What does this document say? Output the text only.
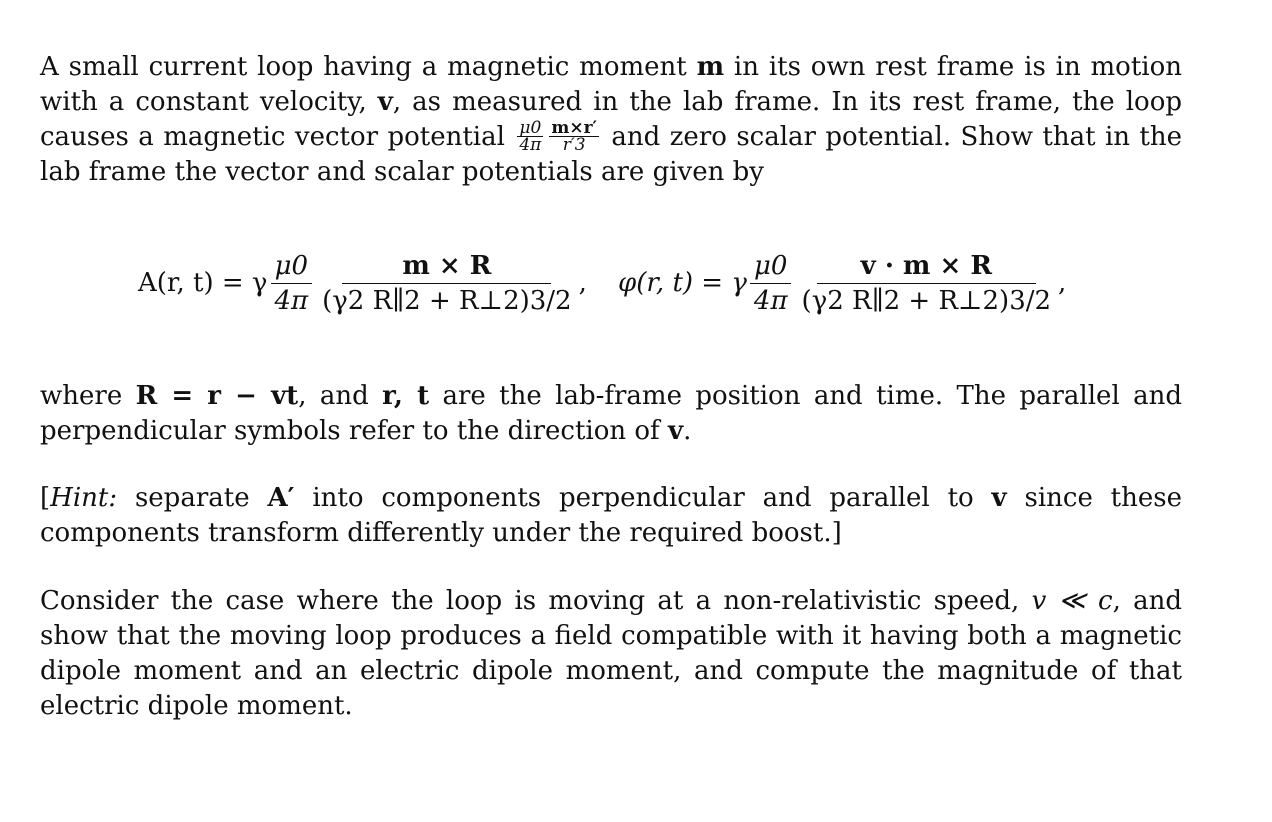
A small current loop having a magnetic moment m in its own rest frame is in motion with a constant velocity, v, as measured in the lab frame. In its rest frame, the loop causes a magnetic vector potential $\frac{\mu 0}{4\pi} \frac{m\times r'}{r'3}$ and zero scalar potential. Show that in the lab frame the vector and scalar potentials are given by

A(r, t) = γ $\frac{\mu 0}{4\pi} \frac{m \times R}{(\gamma 2 R\parallel 2 + R\perp 2)3/2}$ , φ(r, t) = γ $\frac{\mu 0}{4\pi} \frac{v \cdot m \times R}{(\gamma 2 R\parallel 2 + R\perp 2)3/2}$ ,

where R = r − vt, and r, t are the lab-frame position and time. The parallel and perpendicular symbols refer to the direction of v.

[Hint: separate A′ into components perpendicular and parallel to v since these components transform differently under the required boost.]

Consider the case where the loop is moving at a non-relativistic speed, v ≪ c, and show that the moving loop produces a field compatible with it having both a magnetic dipole moment and an electric dipole moment, and compute the magnitude of that electric dipole moment.
